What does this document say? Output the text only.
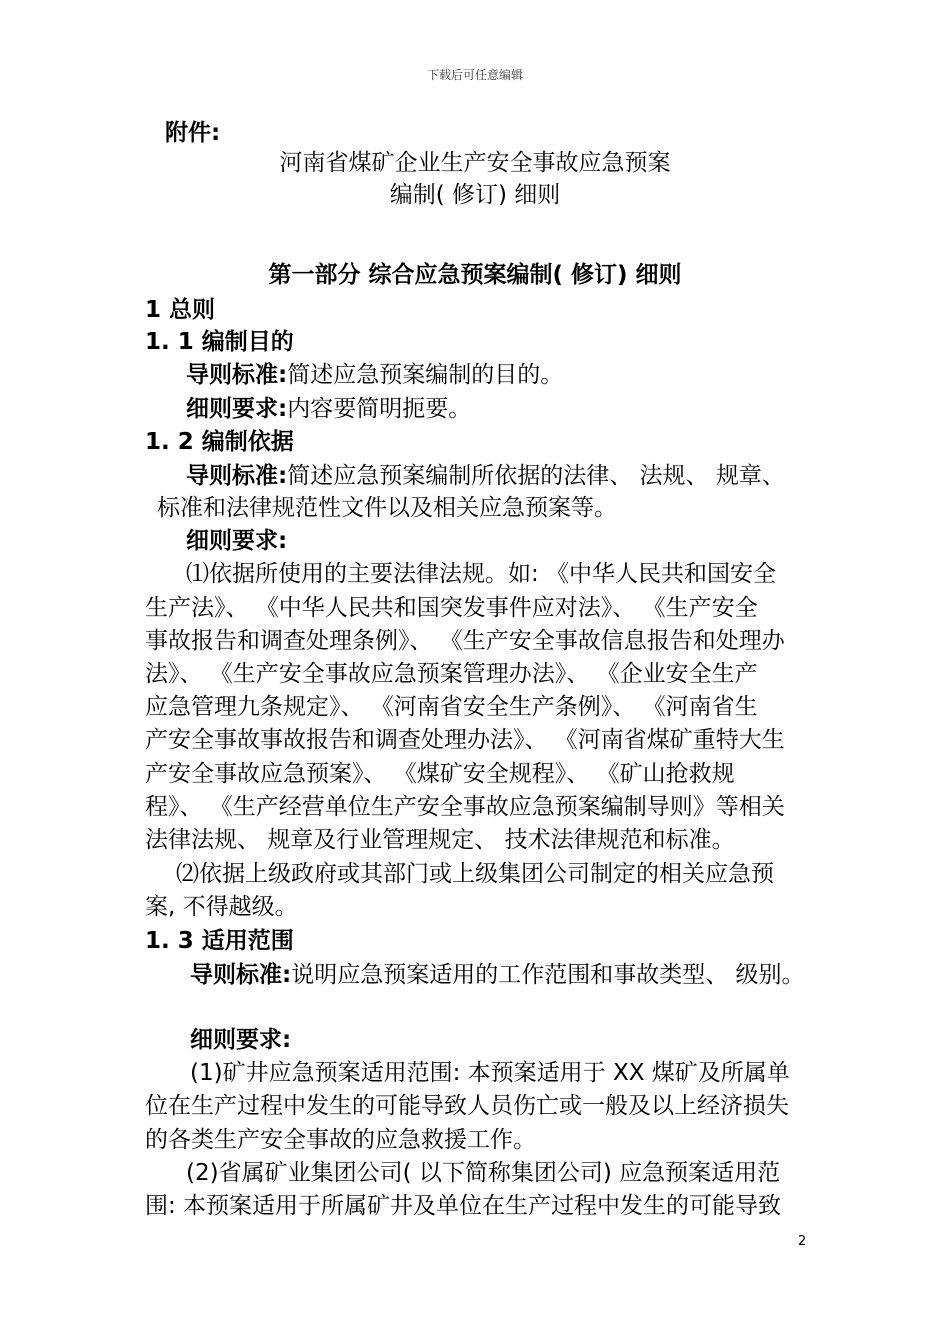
下载后可任意编辑
附件:
河南省煤矿企业生产安全事故应急预案
编制( 修订) 细则
第一部分 综合应急预案编制( 修订) 细则
1 总则
1. 1 编制目的
导则标准:简述应急预案编制的目的。
细则要求:内容要简明扼要。
1. 2 编制依据
导则标准:简述应急预案编制所依据的法律、 法规、 规章、
标准和法律规范性文件以及相关应急预案等。
细则要求:
⑴依据所使用的主要法律法规。如: 《中华人民共和国安全
生产法》、 《中华人民共和国突发事件应对法》、 《生产安全
事故报告和调查处理条例》、 《生产安全事故信息报告和处理办
法》、 《生产安全事故应急预案管理办法》、 《企业安全生产
应急管理九条规定》、 《河南省安全生产条例》、 《河南省生
产安全事故事故报告和调查处理办法》、 《河南省煤矿重特大生
产安全事故应急预案》、 《煤矿安全规程》、 《矿山抢救规
程》、 《生产经营单位生产安全事故应急预案编制导则》等相关
法律法规、 规章及行业管理规定、 技术法律规范和标准。
⑵依据上级政府或其部门或上级集团公司制定的相关应急预
案, 不得越级。
1. 3 适用范围
导则标准:说明应急预案适用的工作范围和事故类型、 级别。
细则要求:
(1)矿井应急预案适用范围: 本预案适用于 XX 煤矿及所属单
位在生产过程中发生的可能导致人员伤亡或一般及以上经济损失
的各类生产安全事故的应急救援工作。
(2)省属矿业集团公司( 以下简称集团公司) 应急预案适用范
围: 本预案适用于所属矿井及单位在生产过程中发生的可能导致
2
